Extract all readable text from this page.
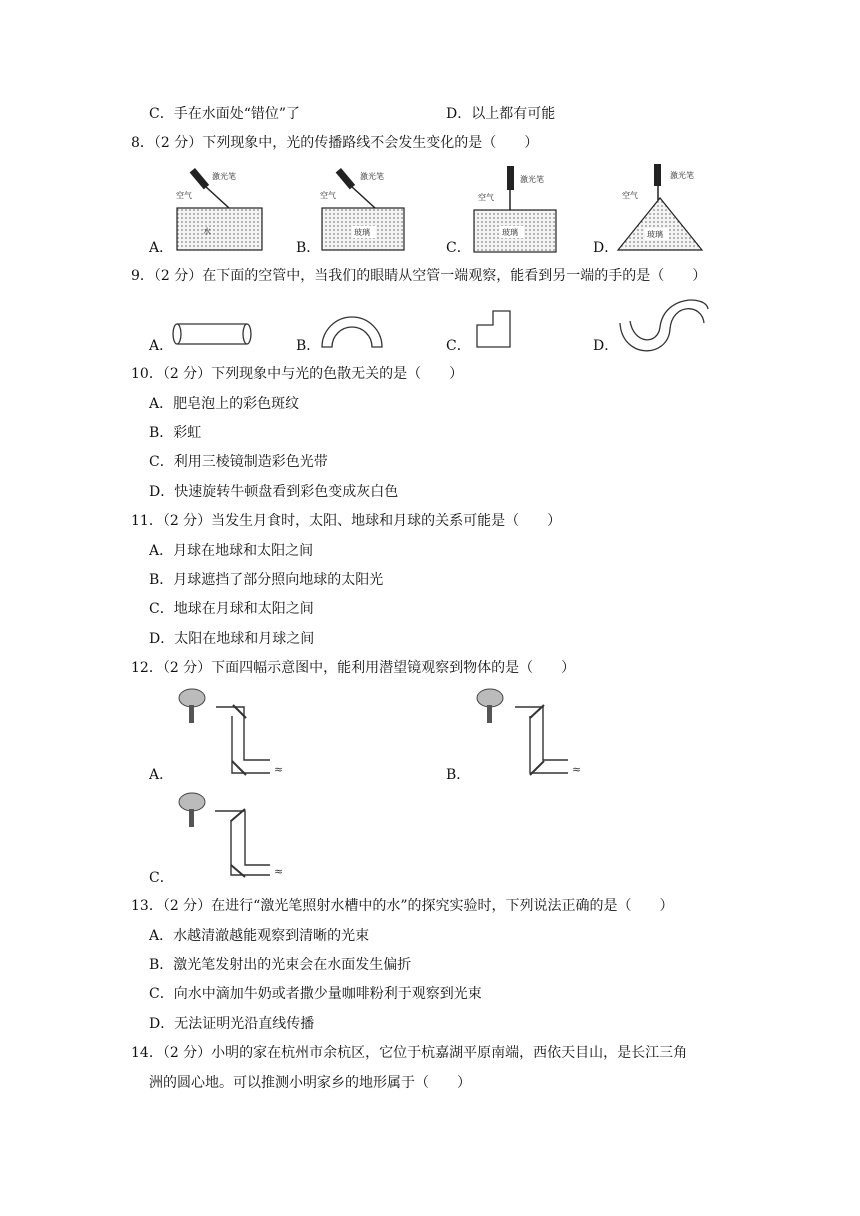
C．手在水面处“错位”了	D．以上都有可能
8．（2 分）下列现象中，光的传播路线不会发生变化的是（　　）
A．	B．	C．	D．
激光笔
空气
水
激光笔
空气
玻璃
激光笔
空气
玻璃
激光笔
空气
玻璃
9．（2 分）在下面的空管中，当我们的眼睛从空管一端观察，能看到另一端的手的是（　　）
A．	B．	C．	D．
10．（2 分）下列现象中与光的色散无关的是（　　）
A．肥皂泡上的彩色斑纹
B．彩虹
C．利用三棱镜制造彩色光带
D．快速旋转牛顿盘看到彩色变成灰白色
11．（2 分）当发生月食时，太阳、地球和月球的关系可能是（　　）
A．月球在地球和太阳之间
B．月球遮挡了部分照向地球的太阳光
C．地球在月球和太阳之间
D．太阳在地球和月球之间
12．（2 分）下面四幅示意图中，能利用潜望镜观察到物体的是（　　）
A．	B．
C．
≈	≈
≈
13．（2 分）在进行“激光笔照射水槽中的水”的探究实验时，下列说法正确的是（　　）
A．水越清澈越能观察到清晰的光束
B．激光笔发射出的光束会在水面发生偏折
C．向水中滴加牛奶或者撒少量咖啡粉利于观察到光束
D．无法证明光沿直线传播
14．（2 分）小明的家在杭州市余杭区，它位于杭嘉湖平原南端，西依天目山，是长江三角
洲的圆心地。可以推测小明家乡的地形属于（　　）
